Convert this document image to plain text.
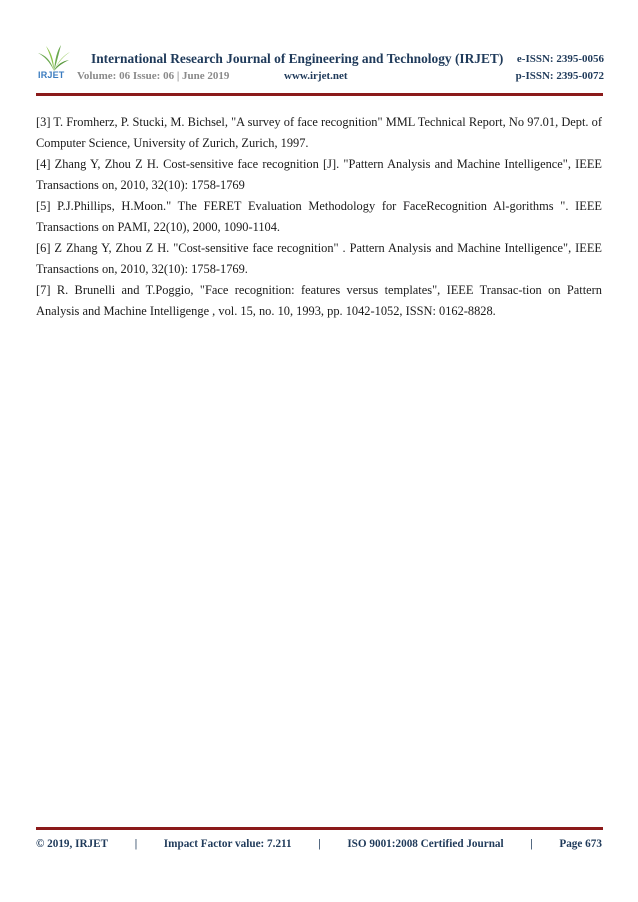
IRJET
International Research Journal of Engineering and Technology (IRJET) e-ISSN: 2395-0056
Volume: 06 Issue: 06 | June 2019	www.irjet.net	p-ISSN: 2395-0072

[3] T. Fromherz, P. Stucki, M. Bichsel, "A survey of face recognition" MML Technical Report, No 97.01, Dept. of Computer Science, University of Zurich, Zurich, 1997.

[4] Zhang Y, Zhou Z H. Cost-sensitive face recognition [J]. "Pattern Analysis and Machine Intelligence", IEEE Transactions on, 2010, 32(10): 1758-1769

[5] P.J.Phillips, H.Moon." The FERET Evaluation Methodology for FaceRecognition Al-gorithms ". IEEE Transactions on PAMI, 22(10), 2000, 1090-1104.

[6] Z Zhang Y, Zhou Z H. "Cost-sensitive face recognition" . Pattern Analysis and Machine Intelligence", IEEE Transactions on, 2010, 32(10): 1758-1769.

[7] R. Brunelli and T.Poggio, "Face recognition: features versus templates", IEEE Transac-tion on Pattern Analysis and Machine Intelligenge , vol. 15, no. 10, 1993, pp. 1042-1052, ISSN: 0162-8828.

© 2019, IRJET | Impact Factor value: 7.211 | ISO 9001:2008 Certified Journal | Page 673
